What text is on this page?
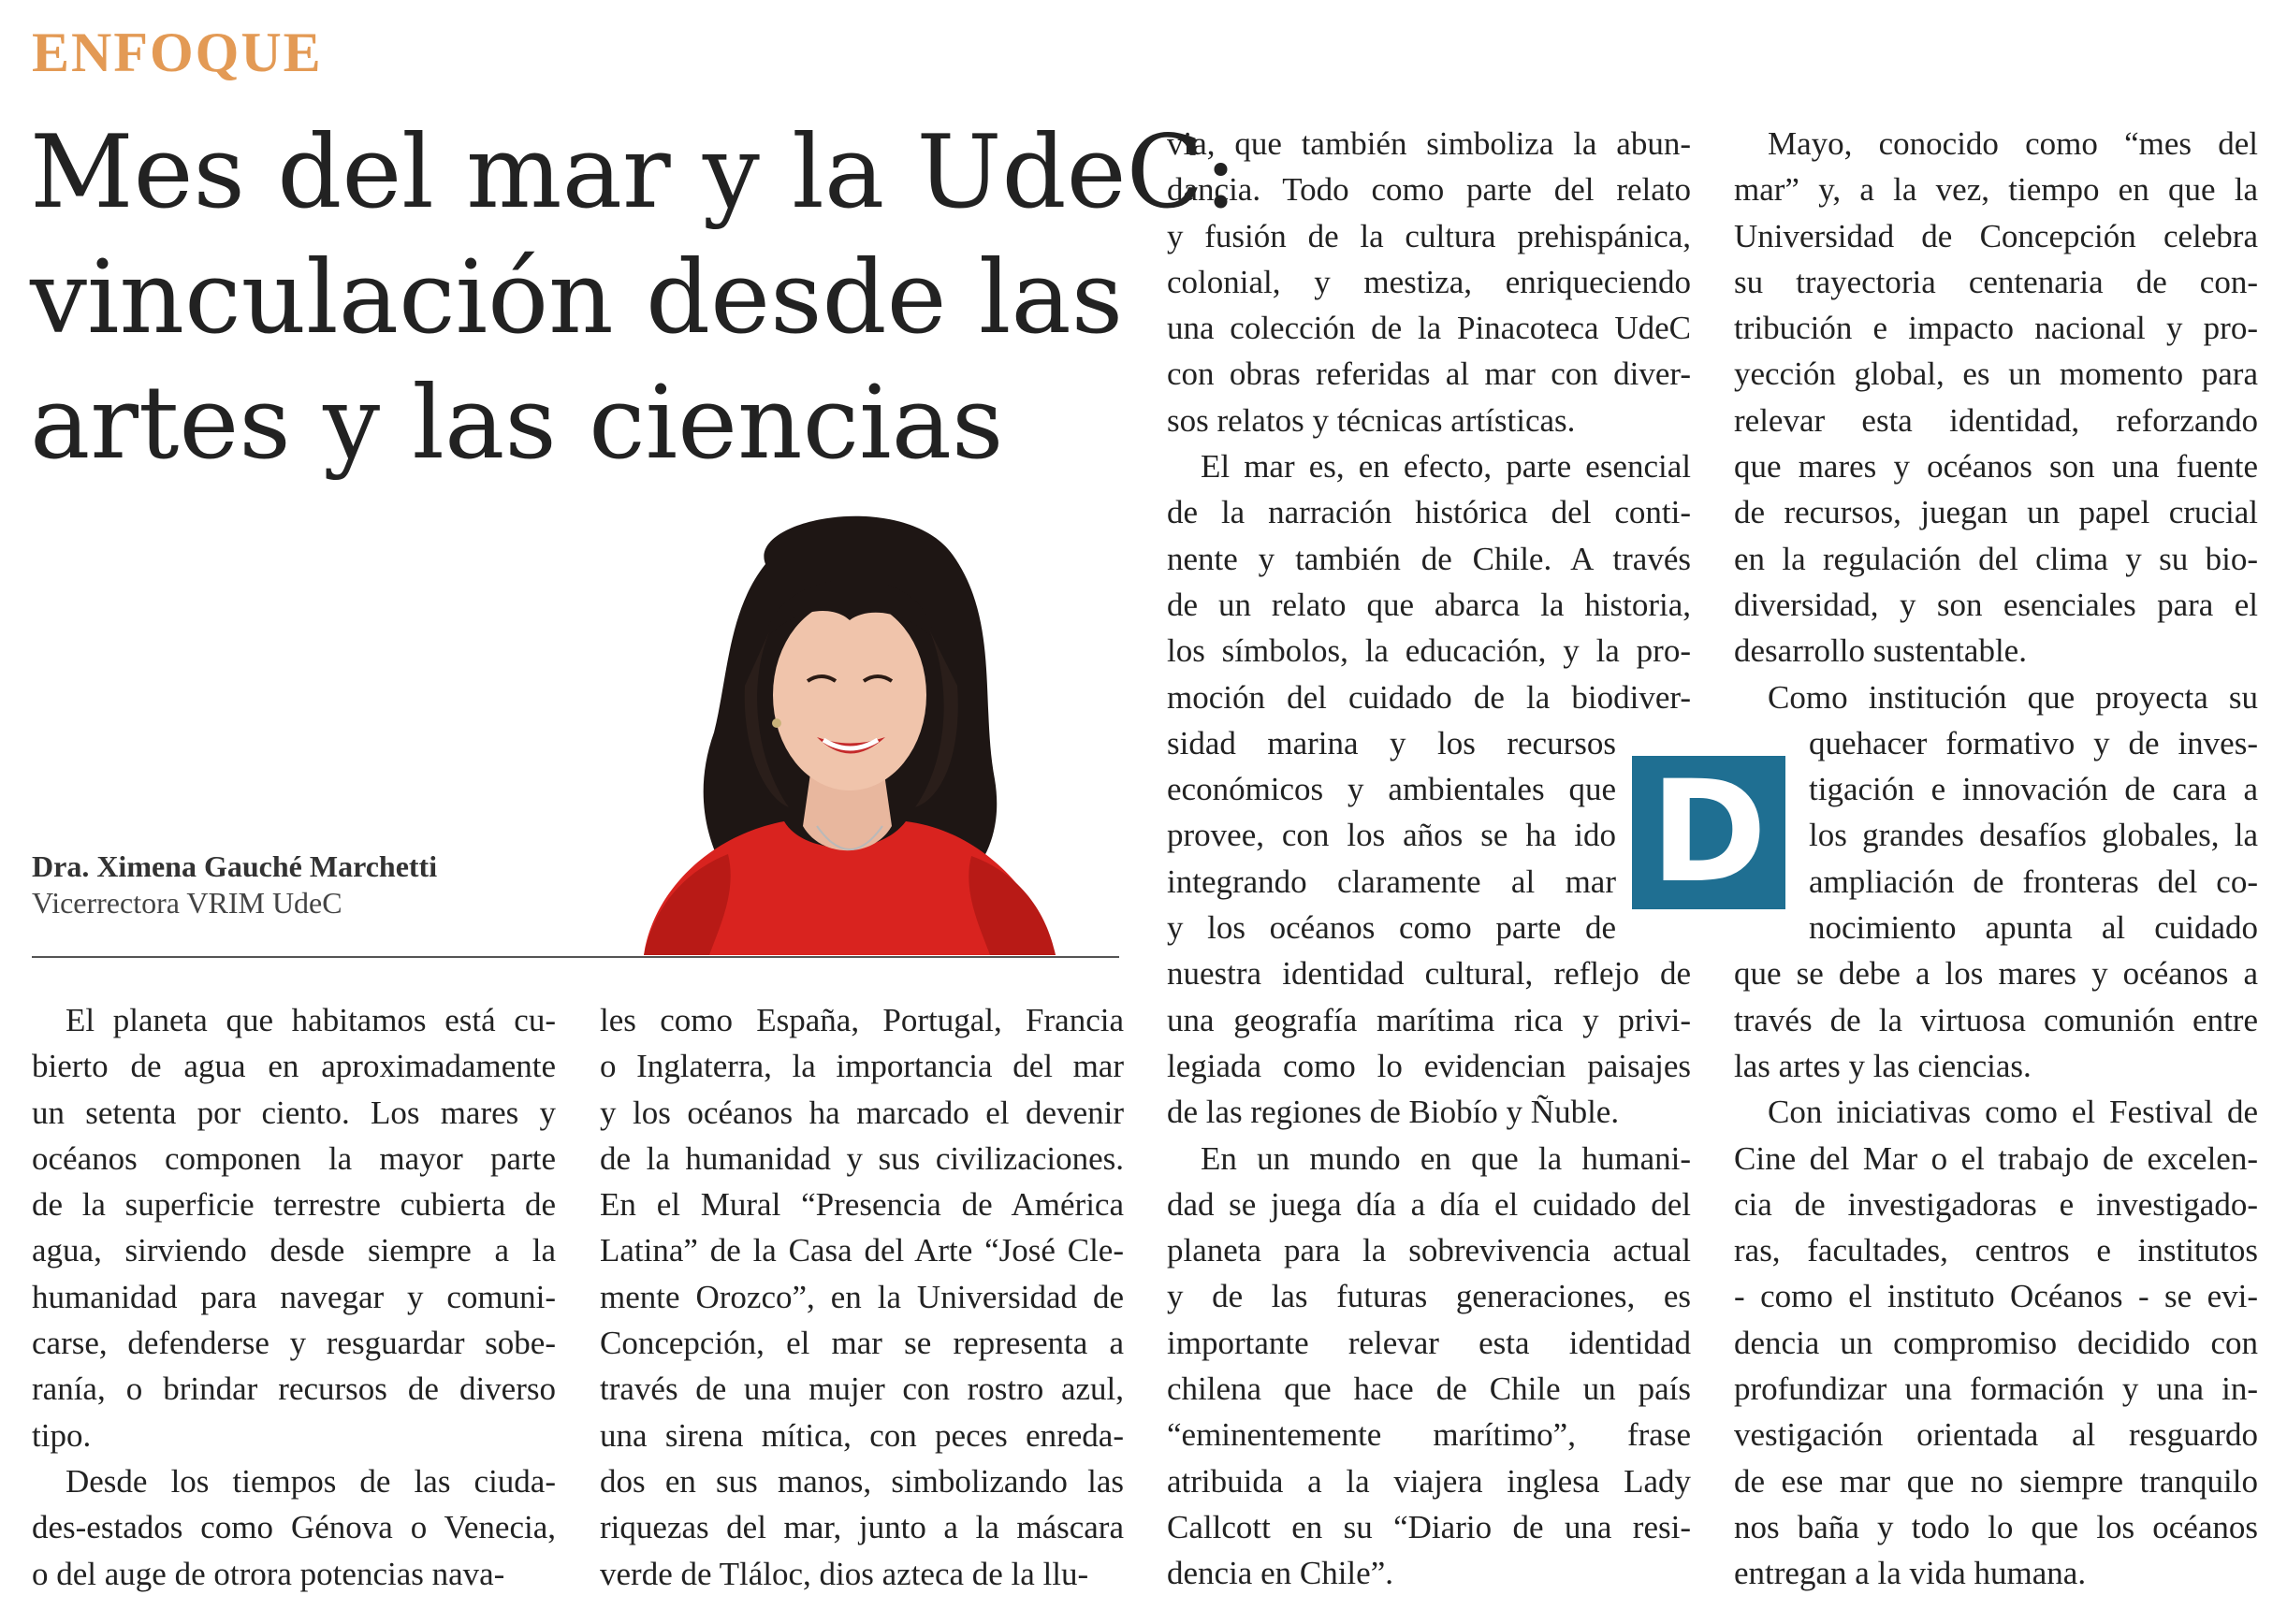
ENFOQUE
Mes del mar y la UdeC:
vinculación desde las
artes y las ciencias
Dra. Ximena Gauché Marchetti
Vicerrectora VRIM UdeC
El planeta que habitamos está cu-
bierto de agua en aproximadamente
un setenta por ciento. Los mares y
océanos componen la mayor parte
de la superficie terrestre cubierta de
agua, sirviendo desde siempre a la
humanidad para navegar y comuni-
carse, defenderse y resguardar sobe-
ranía, o brindar recursos de diverso
tipo.
Desde los tiempos de las ciuda-
des-estados como Génova o Venecia,
o del auge de otrora potencias nava-
les como España, Portugal, Francia
o Inglaterra, la importancia del mar
y los océanos ha marcado el devenir
de la humanidad y sus civilizaciones.
En el Mural “Presencia de América
Latina” de la Casa del Arte “José Cle-
mente Orozco”, en la Universidad de
Concepción, el mar se representa a
través de una mujer con rostro azul,
una sirena mítica, con peces enreda-
dos en sus manos, simbolizando las
riquezas del mar, junto a la máscara
verde de Tláloc, dios azteca de la llu-
via, que también simboliza la abun-
dancia. Todo como parte del relato
y fusión de la cultura prehispánica,
colonial, y mestiza, enriqueciendo
una colección de la Pinacoteca UdeC
con obras referidas al mar con diver-
sos relatos y técnicas artísticas.
El mar es, en efecto, parte esencial
de la narración histórica del conti-
nente y también de Chile. A través
de un relato que abarca la historia,
los símbolos, la educación, y la pro-
moción del cuidado de la biodiver-
sidad marina y los recursos
económicos y ambientales que
provee, con los años se ha ido
integrando claramente al mar
y los océanos como parte de
nuestra identidad cultural, reflejo de
una geografía marítima rica y privi-
legiada como lo evidencian paisajes
de las regiones de Biobío y Ñuble.
En un mundo en que la humani-
dad se juega día a día el cuidado del
planeta para la sobrevivencia actual
y de las futuras generaciones, es
importante relevar esta identidad
chilena que hace de Chile un país
“eminentemente marítimo”, frase
atribuida a la viajera inglesa Lady
Callcott en su “Diario de una resi-
dencia en Chile”.
Mayo, conocido como “mes del
mar” y, a la vez, tiempo en que la
Universidad de Concepción celebra
su trayectoria centenaria de con-
tribución e impacto nacional y pro-
yección global, es un momento para
relevar esta identidad, reforzando
que mares y océanos son una fuente
de recursos, juegan un papel crucial
en la regulación del clima y su bio-
diversidad, y son esenciales para el
desarrollo sustentable.
Como institución que proyecta su
quehacer formativo y de inves-
tigación e innovación de cara a
los grandes desafíos globales, la
ampliación de fronteras del co-
nocimiento apunta al cuidado
que se debe a los mares y océanos a
través de la virtuosa comunión entre
las artes y las ciencias.
Con iniciativas como el Festival de
Cine del Mar o el trabajo de excelen-
cia de investigadoras e investigado-
ras, facultades, centros e institutos
- como el instituto Océanos - se evi-
dencia un compromiso decidido con
profundizar una formación y una in-
vestigación orientada al resguardo
de ese mar que no siempre tranquilo
nos baña y todo lo que los océanos
entregan a la vida humana.
D
